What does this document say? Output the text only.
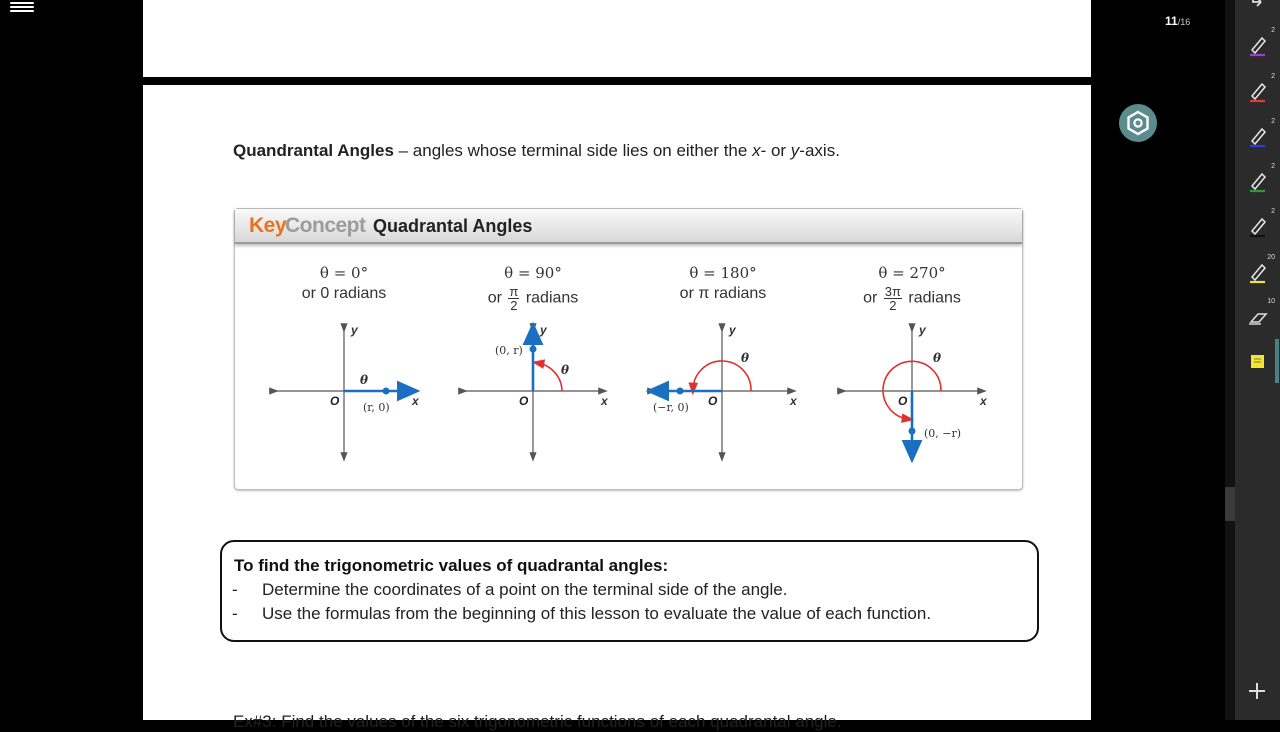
Quandrantal Angles – angles whose terminal side lies on either the x- or y-axis.
x
y
O
θ
(r, 0)	x
y
O
θ
(0, r)
x
y
O
θ
(−r, 0)	x
y
O
θ
(0, −r)
Key
Concept Quadrantal Angles
θ = 0°
or 0 radians
θ = 90°
or $\frac{\pi}{2}$ radians
θ = 180°
or π radians
θ = 270°
or $\frac{3\pi}{2}$ radians
To find the trigonometric values of quadrantal angles:
- Determine the coordinates of a point on the terminal side of the angle.
- Use the formulas from the beginning of this lesson to evaluate the value of each function.
Ex#3: Find the values of the six trigonometric functions of each quadrantal angle.
11/16
2
2
2
2
2
20
10
